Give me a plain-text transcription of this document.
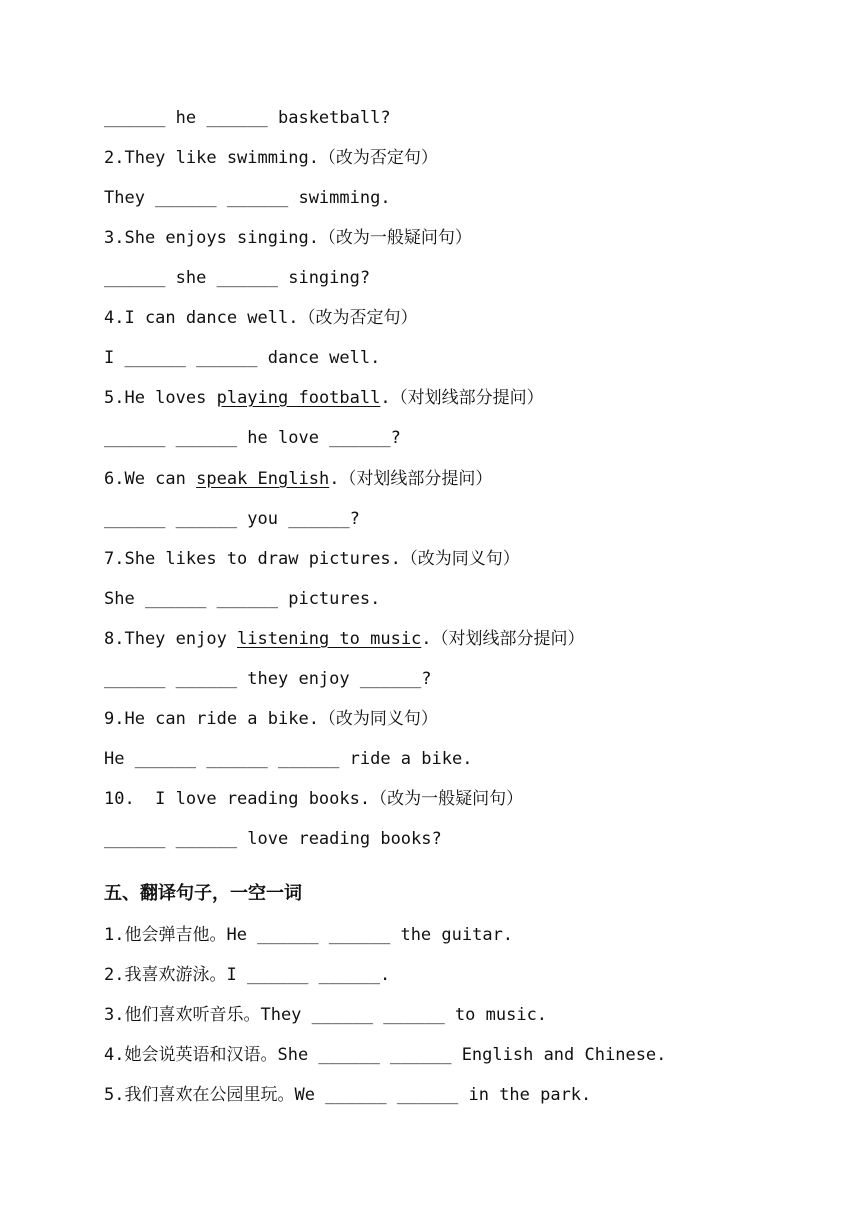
______ he ______ basketball?
2.They like swimming.（改为否定句）
They ______ ______ swimming.
3.She enjoys singing.（改为一般疑问句）
______ she ______ singing?
4.I can dance well.（改为否定句）
I ______ ______ dance well.
5.He loves playing football.（对划线部分提问）
______ ______ he love ______?
6.We can speak English.（对划线部分提问）
______ ______ you ______?
7.She likes to draw pictures.（改为同义句）
She ______ ______ pictures.
8.They enjoy listening to music.（对划线部分提问）
______ ______ they enjoy ______?
9.He can ride a bike.（改为同义句）
He ______ ______ ______ ride a bike.
10.  I love reading books.（改为一般疑问句）
______ ______ love reading books?
五、翻译句子，一空一词
1.他会弹吉他。He ______ ______ the guitar.
2.我喜欢游泳。I ______ ______.
3.他们喜欢听音乐。They ______ ______ to music.
4.她会说英语和汉语。She ______ ______ English and Chinese.
5.我们喜欢在公园里玩。We ______ ______ in the park.
